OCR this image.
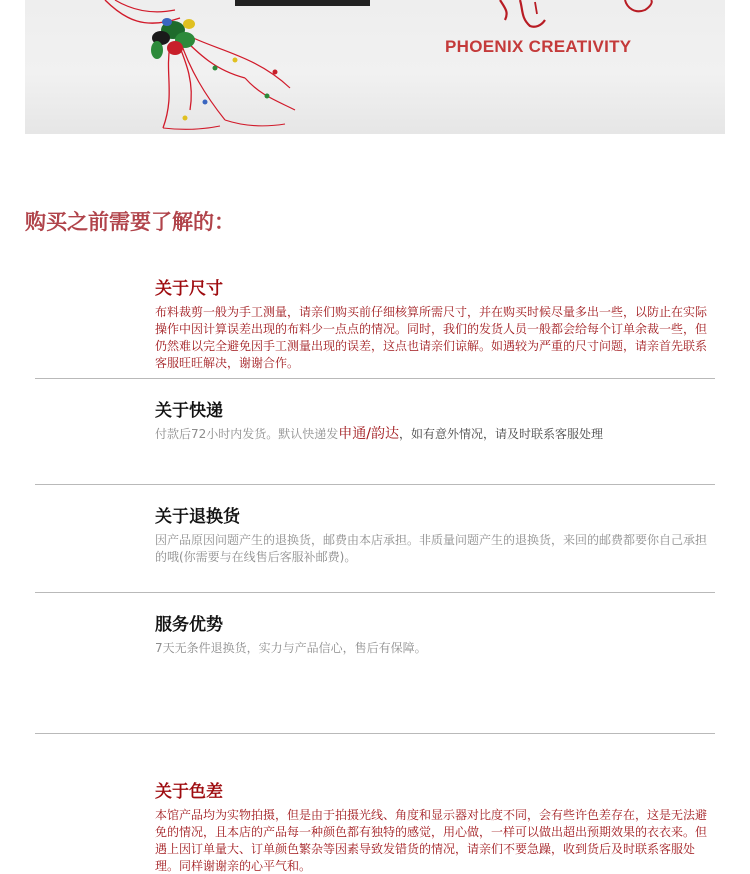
PHOENIX CREATIVITY
购买之前需要了解的：
关于尺寸
布料裁剪一般为手工测量，请亲们购买前仔细核算所需尺寸，并在购买时候尽量多出一些，以防止在实际操作中因计算误差出现的布料少一点点的情况。同时，我们的发货人员一般都会给每个订单余裁一些，但仍然难以完全避免因手工测量出现的误差，这点也请亲们谅解。如遇较为严重的尺寸问题，请亲首先联系客服旺旺解决，谢谢合作。
关于快递
付款后72小时内发货。默认快递发申通/韵达，如有意外情况，请及时联系客服处理
关于退换货
因产品原因问题产生的退换货，邮费由本店承担。非质量问题产生的退换货，来回的邮费都要你自己承担的哦(你需要与在线售后客服补邮费)。
服务优势
7天无条件退换货，实力与产品信心，售后有保障。
关于色差
本馆产品均为实物拍摄，但是由于拍摄光线、角度和显示器对比度不同，会有些许色差存在，这是无法避免的情况，且本店的产品每一种颜色都有独特的感觉，用心做，一样可以做出超出预期效果的衣衣来。但遇上因订单量大、订单颜色繁杂等因素导致发错货的情况，请亲们不要急躁，收到货后及时联系客服处理。同样谢谢亲的心平气和。
